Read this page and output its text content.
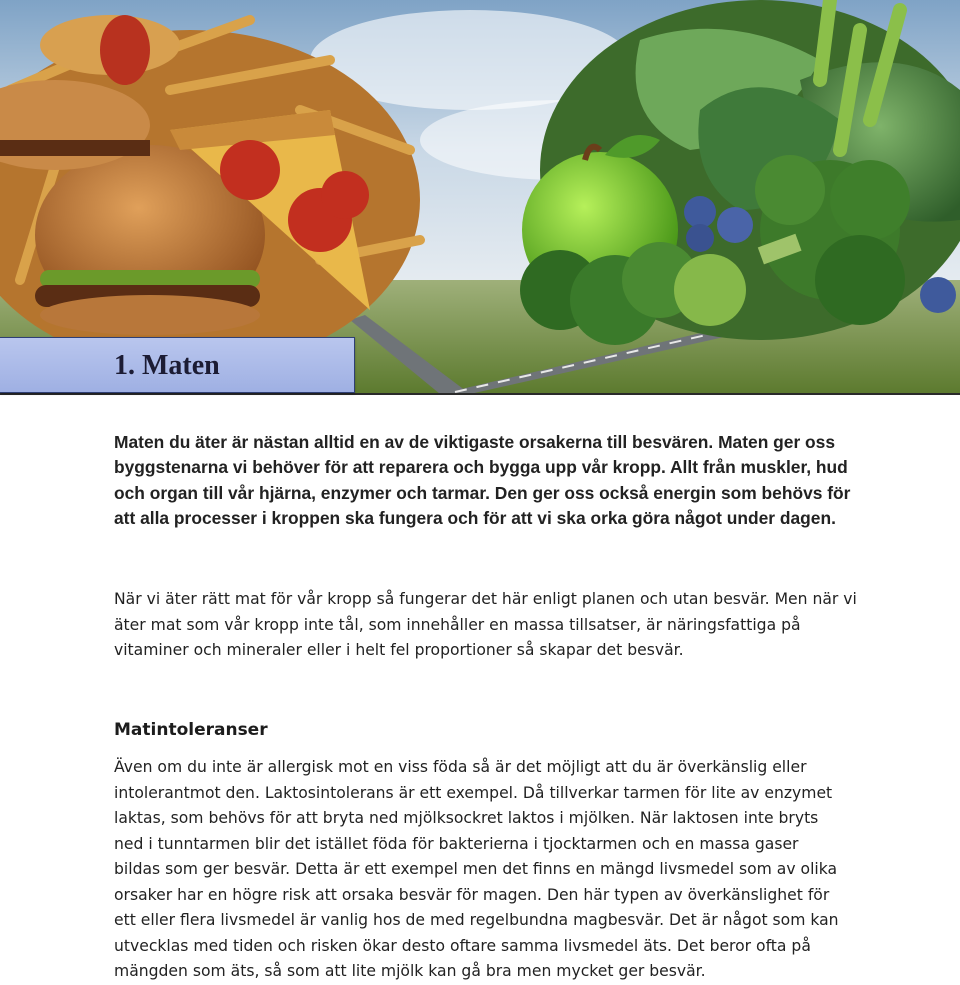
1. Maten

Maten du äter är nästan alltid en av de viktigaste orsakerna till besvären. Maten ger oss byggstenarna vi behöver för att reparera och bygga upp vår kropp. Allt från muskler, hud och organ till vår hjärna, enzymer och tarmar. Den ger oss också energin som behövs för att alla processer i kroppen ska fungera och för att vi ska orka göra något under dagen.

När vi äter rätt mat för vår kropp så fungerar det här enligt planen och utan besvär. Men när vi äter mat som vår kropp inte tål, som innehåller en massa tillsatser, är näringsfattiga på vitaminer och mineraler eller i helt fel proportioner så skapar det besvär.

Matintoleranser

Även om du inte är allergisk mot en viss föda så är det möjligt att du är överkänslig eller intolerantmot den. Laktosintolerans är ett exempel. Då tillverkar tarmen för lite av enzymet laktas, som behövs för att bryta ned mjölksockret laktos i mjölken. När laktosen inte bryts ned i tunntarmen blir det istället föda för bakterierna i tjocktarmen och en massa gaser bildas som ger besvär. Detta är ett exempel men det finns en mängd livsmedel som av olika orsaker har en högre risk att orsaka besvär för magen. Den här typen av överkänslighet för ett eller flera livsmedel är vanlig hos de med regelbundna magbesvär. Det är något som kan utvecklas med tiden och risken ökar desto oftare samma livsmedel äts. Det beror ofta på mängden som äts, så som att lite mjölk kan gå bra men mycket ger besvär.
